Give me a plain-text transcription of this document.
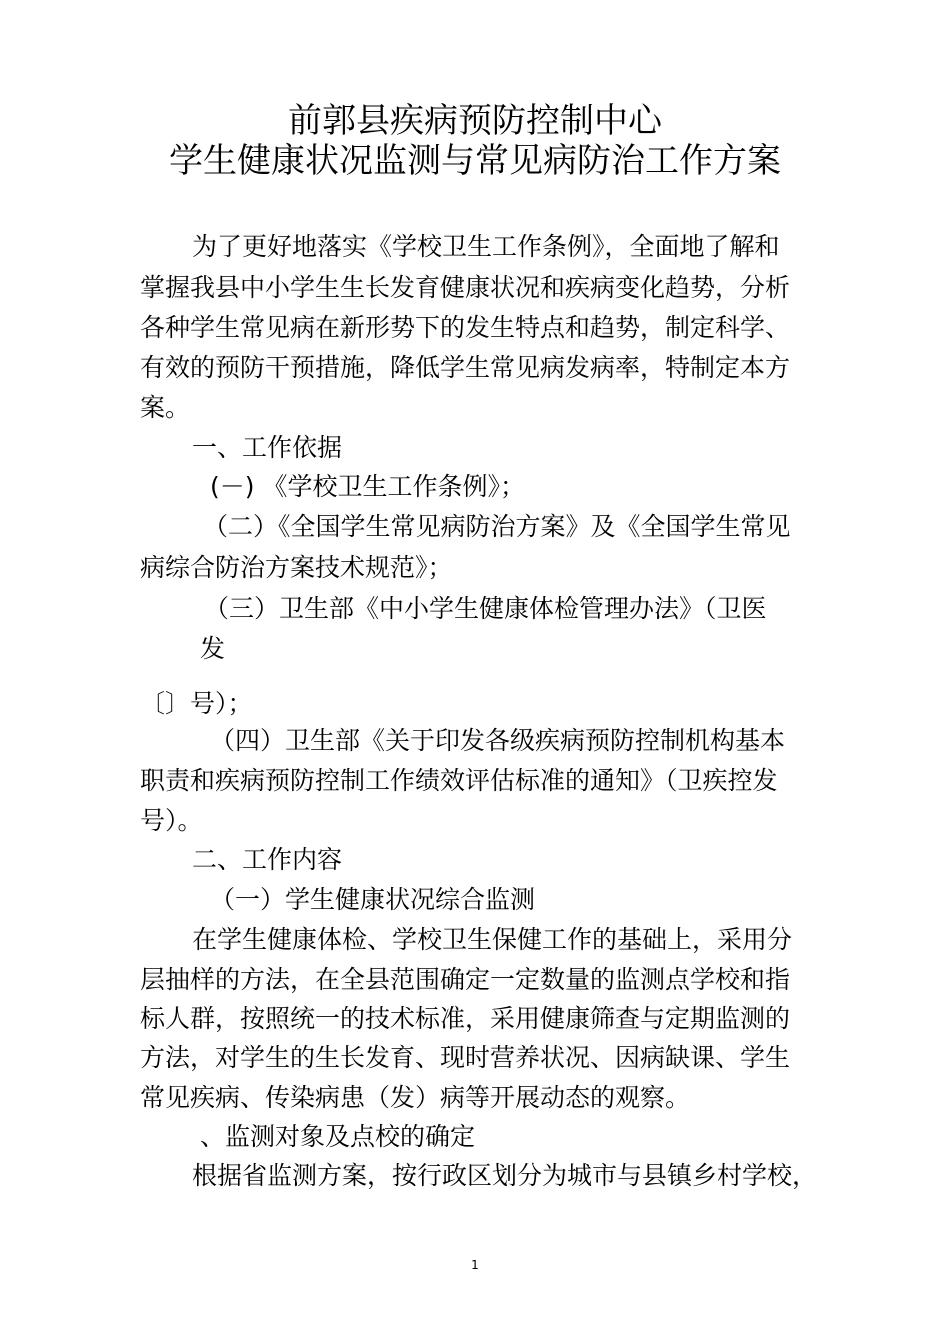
前郭县疾病预防控制中心
学生健康状况监测与常见病防治工作方案
为了更好地落实《学校卫生工作条例》，全面地了解和
掌握我县中小学生生长发育健康状况和疾病变化趋势，分析
各种学生常见病在新形势下的发生特点和趋势，制定科学、
有效的预防干预措施，降低学生常见病发病率，特制定本方
案。
一、工作依据
(－) 《学校卫生工作条例》；
（二）《全国学生常见病防治方案》及《全国学生常见
病综合防治方案技术规范》；
（三）卫生部《中小学生健康体检管理办法》（卫医
发
〔〕号）；
（四）卫生部《关于印发各级疾病预防控制机构基本
职责和疾病预防控制工作绩效评估标准的通知》（卫疾控发
号）。
二、工作内容
（一）学生健康状况综合监测
在学生健康体检、学校卫生保健工作的基础上，采用分
层抽样的方法，在全县范围确定一定数量的监测点学校和指
标人群，按照统一的技术标准，采用健康筛查与定期监测的
方法，对学生的生长发育、现时营养状况、因病缺课、学生
常见疾病、传染病患（发）病等开展动态的观察。
、监测对象及点校的确定
根据省监测方案，按行政区划分为城市与县镇乡村学校，
1
